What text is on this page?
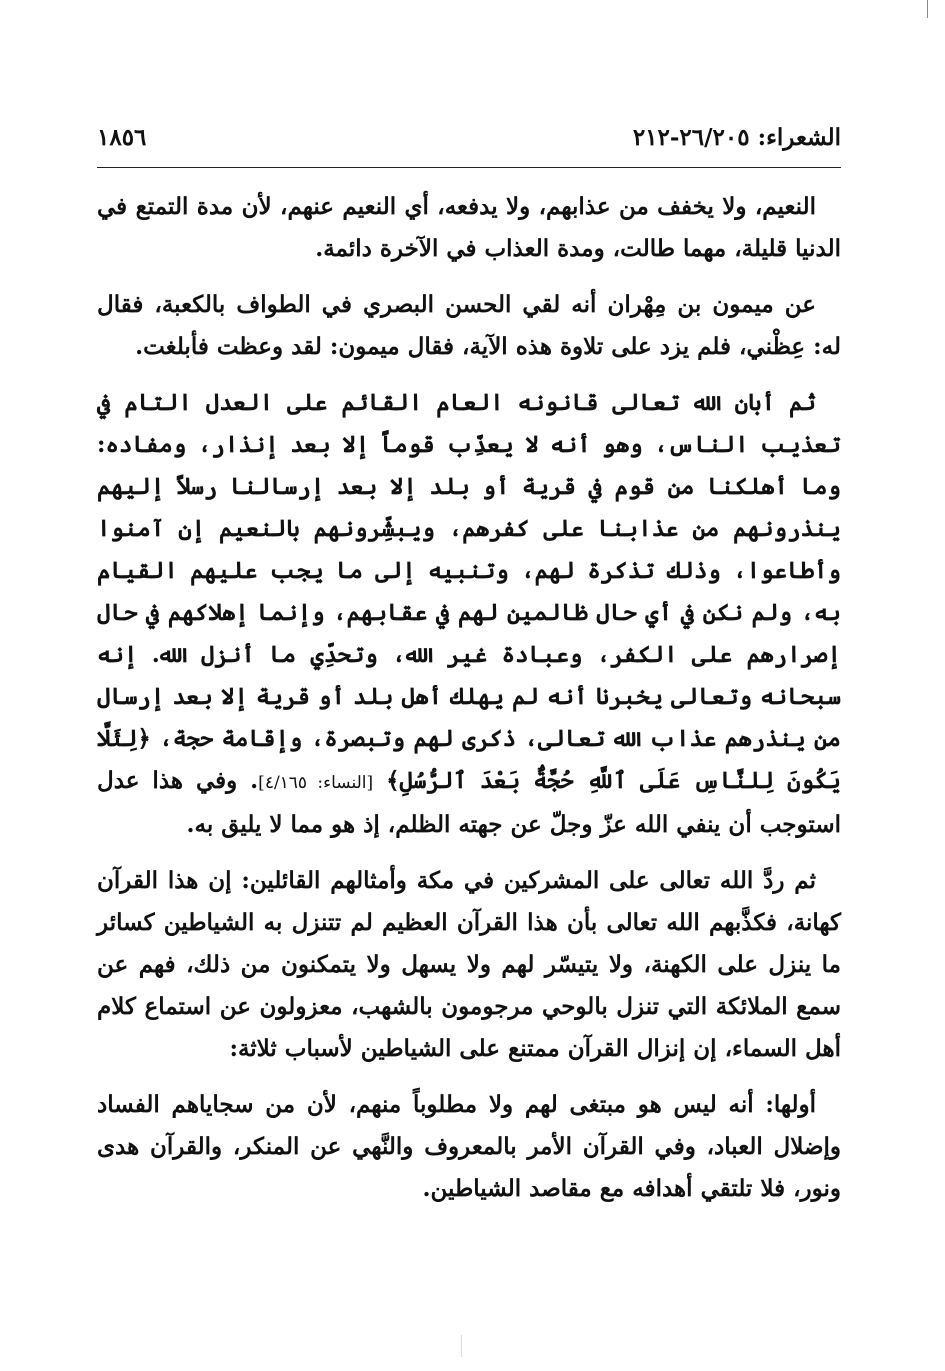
الشعراء: ٢٦/٢٠٥-٢١٢
١٨٥٦

النعيم، ولا يخفف من عذابهم، ولا يدفعه، أي النعيم عنهم، لأن مدة التمتع في الدنيا قليلة، مهما طالت، ومدة العذاب في الآخرة دائمة.

عن ميمون بن مِهْران أنه لقي الحسن البصري في الطواف بالكعبة، فقال له: عِظْني، فلم يزد على تلاوة هذه الآية، فقال ميمون: لقد وعظت فأبلغت.

ثم أبان الله تعالى قانونه العام القائم على العدل التام في تعذيب الناس، وهو أنه لا يعذِّب قوماً إلا بعد إنذار، ومفاده: وما أهلكنا من قوم في قرية أو بلد إلا بعد إرسالنا رسلاً إليهم ينذرونهم من عذابنا على كفرهم، ويبشِّرونهم بالنعيم إن آمنوا وأطاعوا، وذلك تذكرة لهم، وتنبيه إلى ما يجب عليهم القيام به، ولم نكن في أي حال ظالمين لهم في عقابهم، وإنما إهلاكهم في حال إصرارهم على الكفر، وعبادة غير الله، وتحدِّي ما أنزل الله. إنه سبحانه وتعالى يخبرنا أنه لم يهلك أهل بلد أو قرية إلا بعد إرسال من ينذرهم عذاب الله تعالى، ذكرى لهم وتبصرة، وإقامة حجة، ﴿لِئَلَّا يَكُونَ لِلنَّاسِ عَلَى ٱللَّهِ حُجَّةٌۢ بَعْدَ ٱلرُّسُلِ﴾ [النساء: ٤/١٦٥]. وفي هذا عدل استوجب أن ينفي الله عزّ وجلّ عن جهته الظلم، إذ هو مما لا يليق به.

ثم ردَّ الله تعالى على المشركين في مكة وأمثالهم القائلين: إن هذا القرآن كهانة، فكذَّبهم الله تعالى بأن هذا القرآن العظيم لم تتنزل به الشياطين كسائر ما ينزل على الكهنة، ولا يتيسّر لهم ولا يسهل ولا يتمكنون من ذلك، فهم عن سمع الملائكة التي تنزل بالوحي مرجومون بالشهب، معزولون عن استماع كلام أهل السماء، إن إنزال القرآن ممتنع على الشياطين لأسباب ثلاثة:

أولها: أنه ليس هو مبتغى لهم ولا مطلوباً منهم، لأن من سجاياهم الفساد وإضلال العباد، وفي القرآن الأمر بالمعروف والنَّهي عن المنكر، والقرآن هدى ونور، فلا تلتقي أهدافه مع مقاصد الشياطين.
